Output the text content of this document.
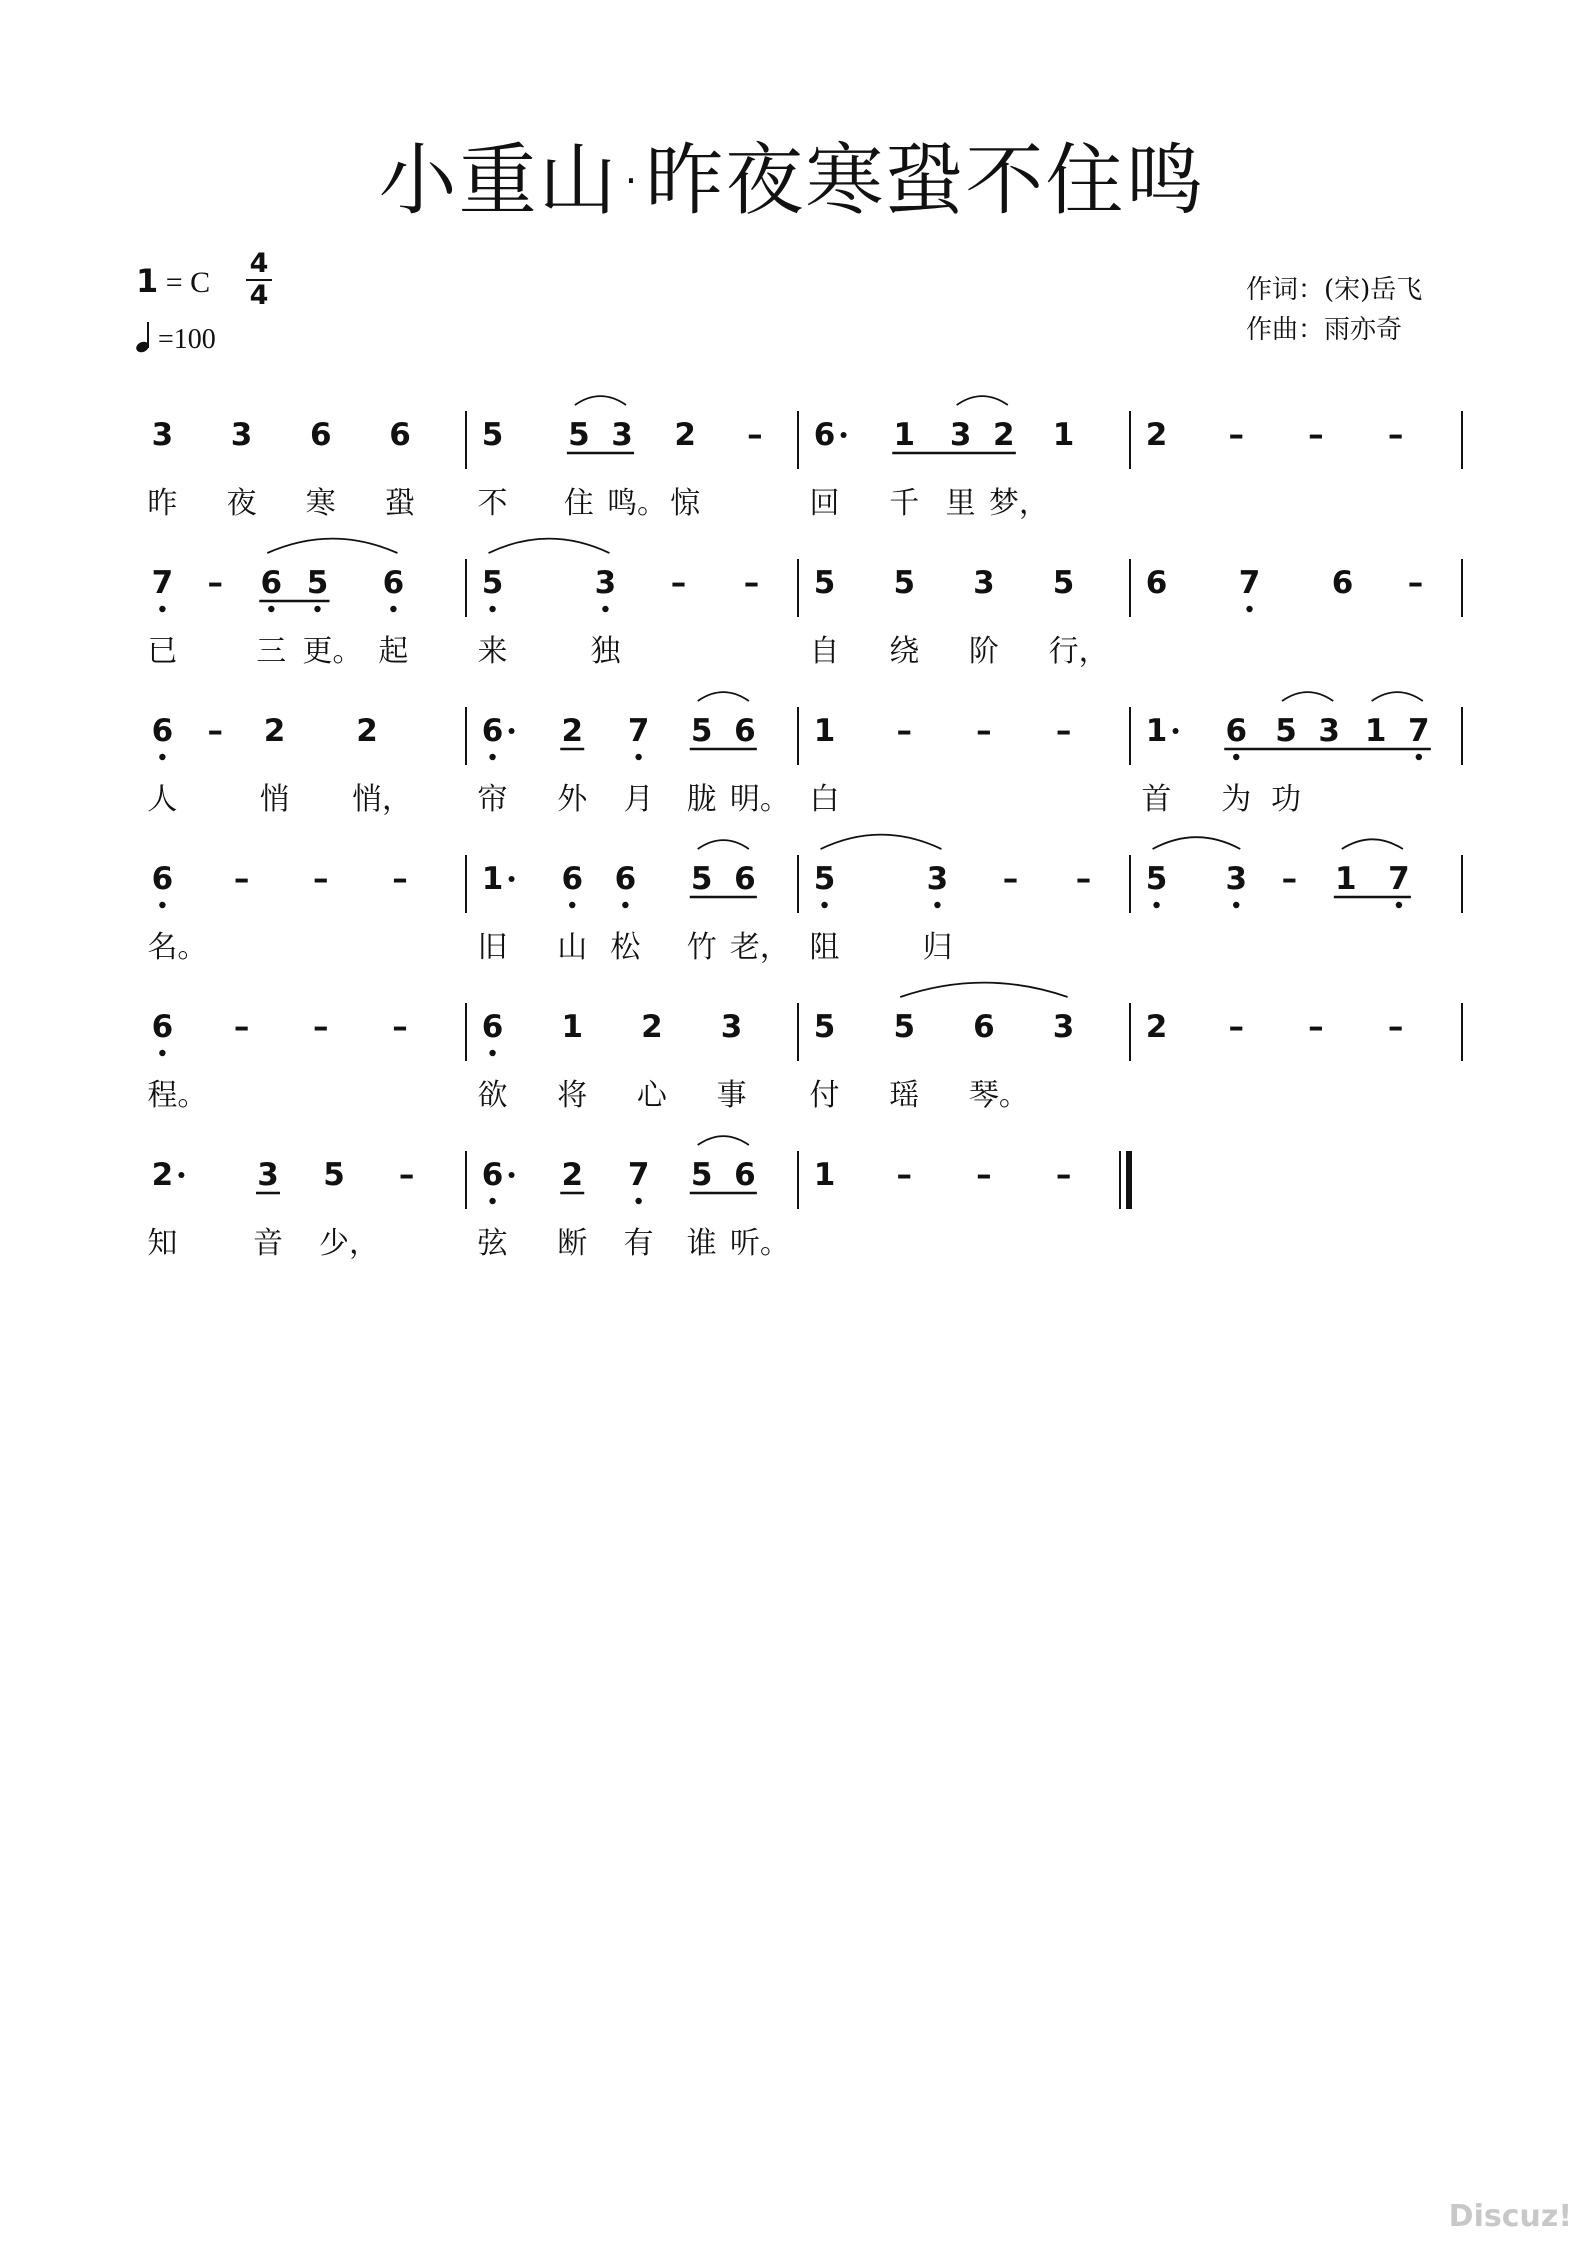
小重山·昨夜寒蛩不住鸣
1 = C
4
4
=100
作词：(宋)岳飞
作曲：雨亦奇
3 3 6 6 5 5 3 2 – 6 1 3 2 1 2 – – –
昨 夜 寒 蛩 不 住 鸣。 惊	回 千 里 梦，
7 – 6 5 6	5	3 – – 5 5 3 5 6 7 6 –
已	三 更。 起 来	独	自 绕 阶 行，
6 – 2 2	6 2 7 5 6 1 – – – 1 6 5 3 1 7
人	悄 悄， 帘 外 月 胧 明。 白	首 为 功
6 – – – 1 6 6 5 6 5	3 – – 5 3 – 1 7
名。	旧 山 松 竹 老， 阻	归
6 – – – 6 1 2 3 5 5 6 3 2 – – –
程。	欲 将 心 事 付 瑶 琴。
2	3 5 – 6 2 7 5 6 1 – – –
知	音 少，	弦 断 有 谁 听。
Discuz!
